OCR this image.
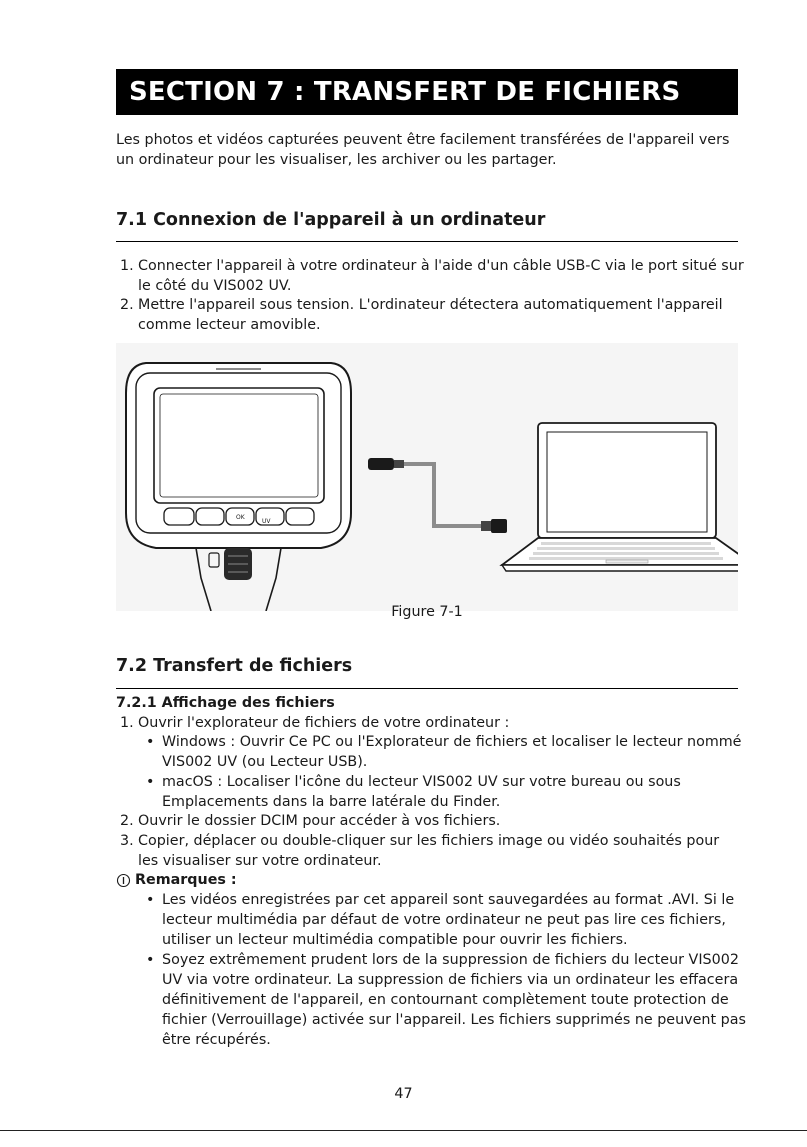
SECTION 7 : TRANSFERT DE FICHIERS
Les photos et vidéos capturées peuvent être facilement transférées de l'appareil vers
un ordinateur pour les visualiser, les archiver ou les partager.
7.1 Connexion de l'appareil à un ordinateur
1. Connecter l'appareil à votre ordinateur à l'aide d'un câble USB-C via le port situé sur
le côté du VIS002 UV.
2. Mettre l'appareil sous tension. L'ordinateur détectera automatiquement l'appareil
comme lecteur amovible.
OK
UV
Figure 7-1
7.2 Transfert de fichiers
7.2.1 Affichage des fichiers
1. Ouvrir l'explorateur de fichiers de votre ordinateur :
• Windows : Ouvrir Ce PC ou l'Explorateur de fichiers et localiser le lecteur nommé
VIS002 UV (ou Lecteur USB).
• macOS : Localiser l'icône du lecteur VIS002 UV sur votre bureau ou sous
Emplacements dans la barre latérale du Finder.
2. Ouvrir le dossier DCIM pour accéder à vos fichiers.
3. Copier, déplacer ou double-cliquer sur les fichiers image ou vidéo souhaités pour
les visualiser sur votre ordinateur.
Remarques :
• Les vidéos enregistrées par cet appareil sont sauvegardées au format .AVI. Si le
lecteur multimédia par défaut de votre ordinateur ne peut pas lire ces fichiers,
utiliser un lecteur multimédia compatible pour ouvrir les fichiers.
• Soyez extrêmement prudent lors de la suppression de fichiers du lecteur VIS002
UV via votre ordinateur. La suppression de fichiers via un ordinateur les effacera
définitivement de l'appareil, en contournant complètement toute protection de
fichier (Verrouillage) activée sur l'appareil. Les fichiers supprimés ne peuvent pas
être récupérés.
47
